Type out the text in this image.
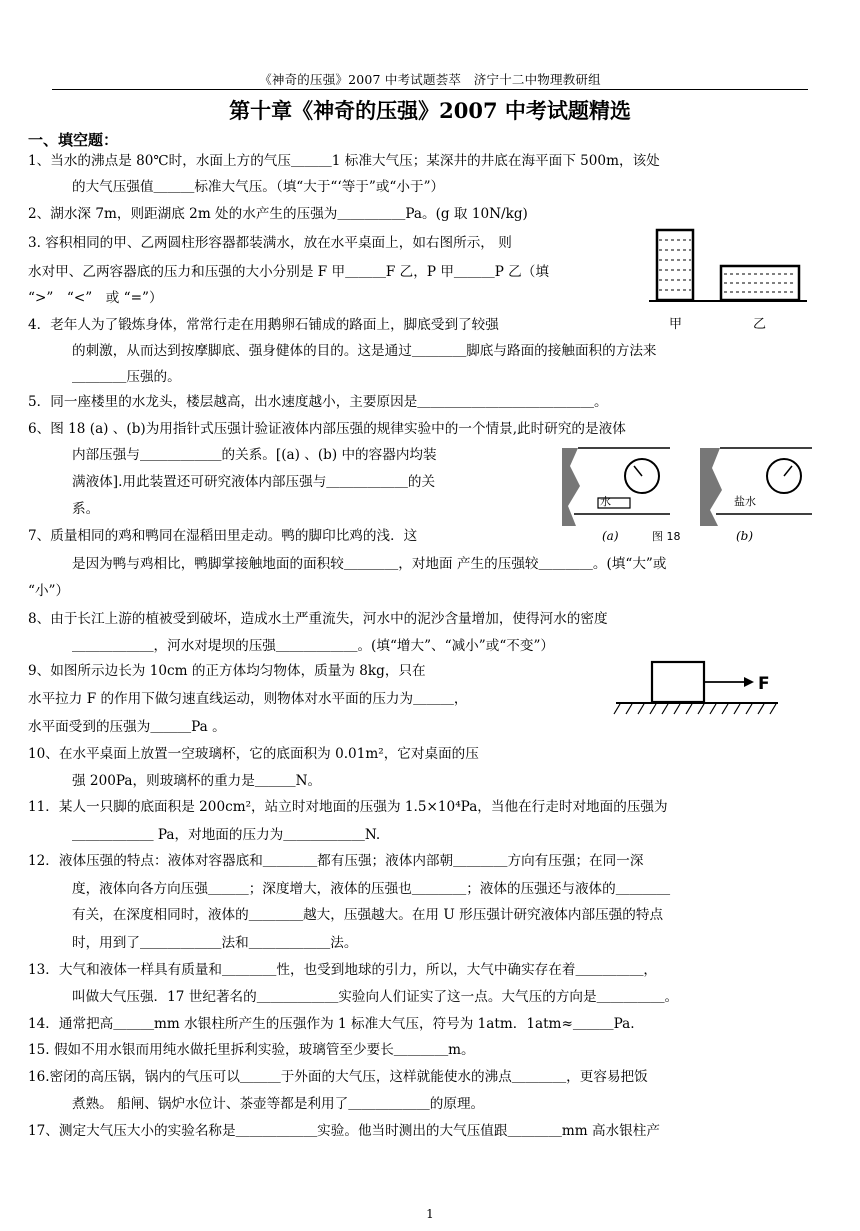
《神奇的压强》2007 中考试题荟萃　济宁十二中物理教研组
第十章《神奇的压强》2007 中考试题精选
一、填空题：
1、当水的沸点是 80℃时，水面上方的气压＿＿＿1 标准大气压；某深井的井底在海平面下 500m，该处
的大气压强值＿＿＿标准大气压。（填“大于“‘等于”或“小于”）
2、湖水深 7m，则距湖底 2m 处的水产生的压强为＿＿＿＿＿Pa。(g 取 10N/kg)
3. 容积相同的甲、乙两圆柱形容器都装满水，放在水平桌面上，如右图所示， 则
水对甲、乙两容器底的压力和压强的大小分别是 F 甲＿＿＿F 乙，P 甲＿＿＿P 乙（填
“>”　“<”　或 “=”）
4．老年人为了锻炼身体，常常行走在用鹅卵石铺成的路面上，脚底受到了较强
的刺激，从而达到按摩脚底、强身健体的目的。这是通过＿＿＿＿脚底与路面的接触面积的方法来
＿＿＿＿压强的。
5．同一座楼里的水龙头，楼层越高，出水速度越小，主要原因是＿＿＿＿＿＿＿＿＿＿＿＿＿。
6、图 18 (a) 、(b)为用指针式压强计验证液体内部压强的规律实验中的一个情景,此时研究的是液体
内部压强与＿＿＿＿＿＿的关系。[(a) 、(b) 中的容器内均装
满液体].用此装置还可研究液体内部压强与＿＿＿＿＿＿的关
系。
7、质量相同的鸡和鸭同在湿稻田里走动。鸭的脚印比鸡的浅．这
是因为鸭与鸡相比，鸭脚掌接触地面的面积较＿＿＿＿，对地面 产生的压强较＿＿＿＿。(填“大”或
“小”）
8、由于长江上游的植被受到破坏，造成水土严重流失，河水中的泥沙含量增加，使得河水的密度
＿＿＿＿＿＿，河水对堤坝的压强＿＿＿＿＿＿。(填“增大”、“减小”或“不变”）
9、如图所示边长为 10cm 的正方体均匀物体，质量为 8kg，只在
水平拉力 F 的作用下做匀速直线运动，则物体对水平面的压力为＿＿＿，
水平面受到的压强为＿＿＿Pa 。
10、在水平桌面上放置一空玻璃杯，它的底面积为 0.01m²，它对桌面的压
强 200Pa，则玻璃杯的重力是＿＿＿N。
11．某人一只脚的底面积是 200cm²，站立时对地面的压强为 1.5×10⁴Pa，当他在行走时对地面的压强为
＿＿＿＿＿＿ Pa，对地面的压力为＿＿＿＿＿＿N.
12．液体压强的特点：液体对容器底和＿＿＿＿都有压强；液体内部朝＿＿＿＿方向有压强；在同一深
度，液体向各方向压强＿＿＿；深度增大，液体的压强也＿＿＿＿；液体的压强还与液体的＿＿＿＿
有关，在深度相同时，液体的＿＿＿＿越大，压强越大。在用 U 形压强计研究液体内部压强的特点
时，用到了＿＿＿＿＿＿法和＿＿＿＿＿＿法。
13．大气和液体一样具有质量和＿＿＿＿性，也受到地球的引力，所以，大气中确实存在着＿＿＿＿＿，
叫做大气压强．17 世纪著名的＿＿＿＿＿＿实验向人们证实了这一点。大气压的方向是＿＿＿＿＿。
14．通常把高＿＿＿mm 水银柱所产生的压强作为 1 标准大气压，符号为 1atm．1atm≈＿＿＿Pa.
15. 假如不用水银而用纯水做托里拆利实验，玻璃管至少要长＿＿＿＿m。
16.密闭的高压锅，锅内的气压可以＿＿＿于外面的大气压，这样就能使水的沸点＿＿＿＿，更容易把饭
煮熟。 船闸、锅炉水位计、茶壶等都是利用了＿＿＿＿＿＿的原理。
17、测定大气压大小的实验名称是＿＿＿＿＿＿实验。他当时测出的大气压值跟＿＿＿＿mm 高水银柱产
甲	乙
水	盐水
(a)	图 18	(b)
F
1
